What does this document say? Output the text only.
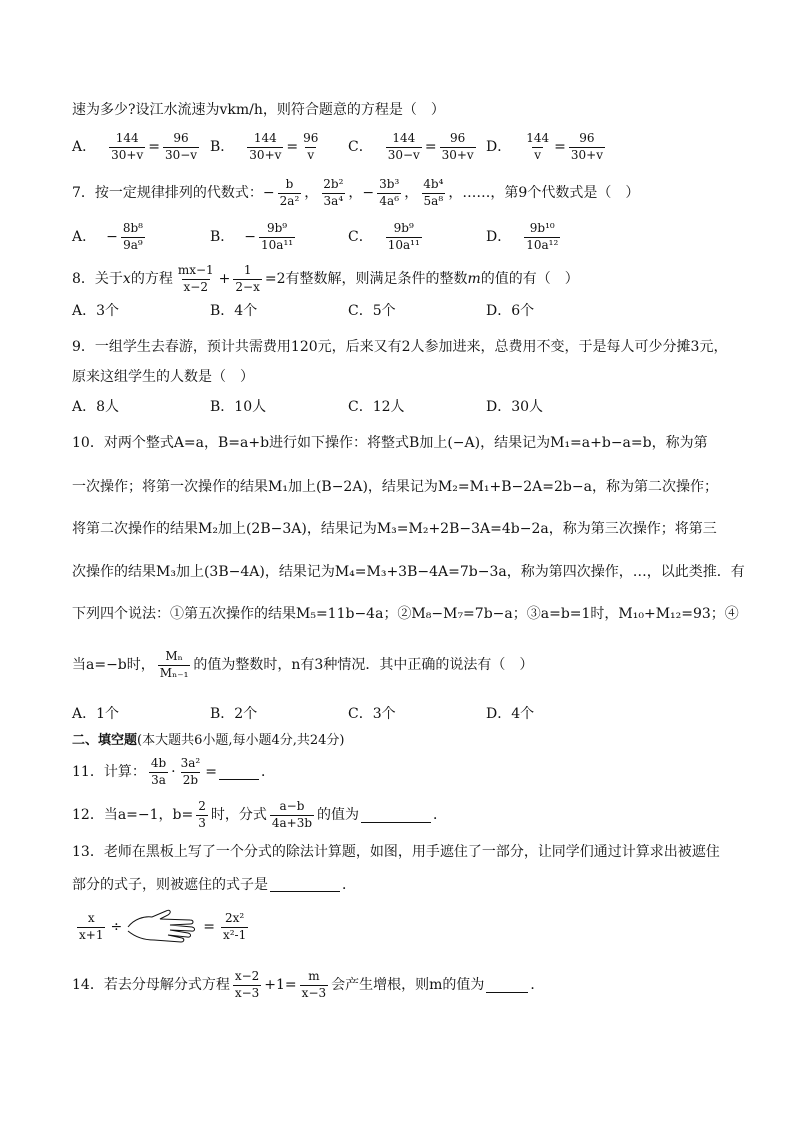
速为多少?设江水流速为vkm/h，则符合题意的方程是（　）
A． $\frac{144}{30+v} = \frac{96}{30-v}$ B． $\frac{144}{30+v} = \frac{96}{v}$ C． $\frac{144}{30-v} = \frac{96}{30+v}$ D． $\frac{144}{v} = \frac{96}{30+v}$
7．按一定规律排列的代数式： − $\frac{b}{\text{2a²}}$ ， $\frac{\text{2b²}}{\text{3a⁴}}$ ， − $\frac{\text{3b³}}{\text{4a⁶}}$ ， $\frac{\text{4b⁴}}{\text{5a⁸}}$ ，……，第9个代数式是（　）
A． − $\frac{\text{8b⁸}}{\text{9a⁹}}$	B． − $\frac{\text{9b⁹}}{\text{10a¹¹}}$	C． $\frac{\text{9b⁹}}{\text{10a¹¹}}$	D． $\frac{\text{9b¹⁰}}{\text{10a¹²}}$
8．关于 x 的方程 $\frac{mx-1}{x-2} + \frac{1}{2-x} =2$有整数解，则满足条件的整数 m 的值的有（　）
A．3个	B．4个	C．5个	D．6个
9．一组学生去春游，预计共需费用120元，后来又有2人参加进来，总费用不变，于是每人可少分摊3元，
原来这组学生的人数是（　）
A．8人	B．10人	C．12人	D．30人
10．对两个整式A=a，B=a+b进行如下操作：将整式B加上(−A)，结果记为M₁=a+b−a=b，称为第
一次操作；将第一次操作的结果M₁加上(B−2A)，结果记为M₂=M₁+B−2A=2b−a，称为第二次操作；
将第二次操作的结果M₂加上(2B−3A)，结果记为M₃=M₂+2B−3A=4b−2a，称为第三次操作；将第三
次操作的结果M₃加上(3B−4A)，结果记为M₄=M₃+3B−4A=7b−3a，称为第四次操作，…，以此类推．有
下列四个说法：①第五次操作的结果M₅=11b−4a；②M₈−M₇=7b−a；③a=b=1时，M₁₀+M₁₂=93；④
当a=−b时， $\frac{\text{Mₙ}}{\text{Mₙ₋₁}}$ 的值为整数时，n有3种情况．其中正确的说法有（　）
A．1个	B．2个	C．3个	D．4个
二、填空题 (本大题共6小题,每小题4分,共24分)
11．计算： $\frac{4b}{3a} \cdot \frac{\text{3a²}}{2b}$ =	．
12．当a=−1，$b= \frac{2}{3}$ 时，分式 $\frac{a-b}{4a+3b}$ 的值为	．
13．老师在黑板上写了一个分式的除法计算题，如图，用手遮住了一部分，让同学们通过计算求出被遮住
部分的式子，则被遮住的式子是	．
$\frac{x}{x+1}$ ÷	= $\frac{\text{2x²}}{\text{x²-1}}$
14．若去分母解分式方程 $\frac{x-2}{x-3} +1= \frac{m}{x-3}$ 会产生增根，则m的值为	．
